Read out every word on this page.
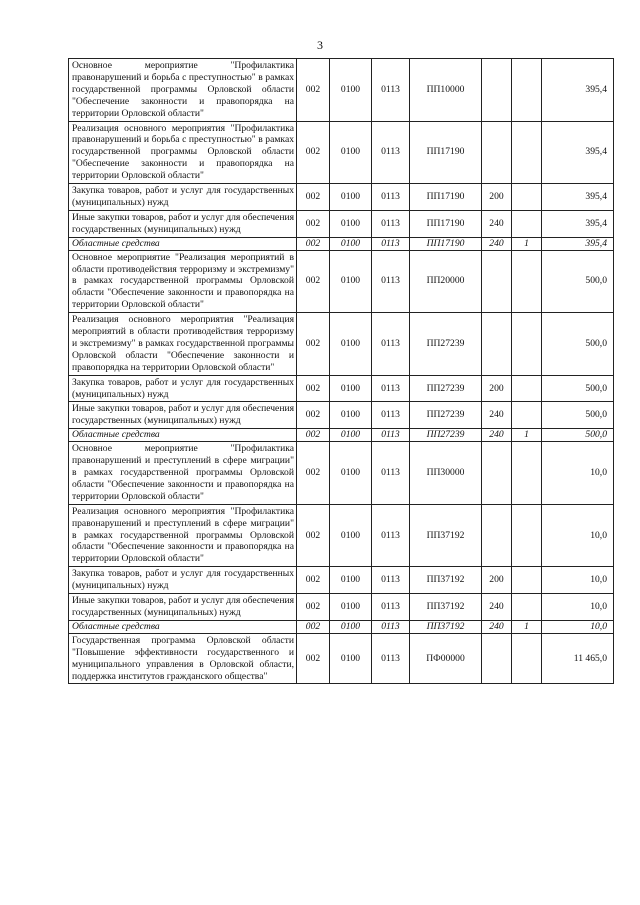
3
Основное мероприятие "Профилактика правонарушений и борьба с преступностью" в рамках государственной программы Орловской области "Обеспечение законности и правопорядка на территории Орловской области"	002	0100	0113	ПП10000			395,4
Реализация основного мероприятия "Профилактика правонарушений и борьба с преступностью" в рамках государственной программы Орловской области "Обеспечение законности и правопорядка на территории Орловской области"	002	0100	0113	ПП17190			395,4
Закупка товаров, работ и услуг для государственных (муниципальных) нужд	002	0100	0113	ПП17190	200		395,4
Иные закупки товаров, работ и услуг для обеспечения государственных (муниципальных) нужд	002	0100	0113	ПП17190	240		395,4
Областные средства	002	0100	0113	ПП17190	240	1	395,4
Основное мероприятие "Реализация мероприятий в области противодействия терроризму и экстремизму" в рамках государственной программы Орловской области "Обеспечение законности и правопорядка на территории Орловской области"	002	0100	0113	ПП20000			500,0
Реализация основного мероприятия "Реализация мероприятий в области противодействия терроризму и экстремизму" в рамках государственной программы Орловской области "Обеспечение законности и правопорядка на территории Орловской области"	002	0100	0113	ПП27239			500,0
Закупка товаров, работ и услуг для государственных (муниципальных) нужд	002	0100	0113	ПП27239	200		500,0
Иные закупки товаров, работ и услуг для обеспечения государственных (муниципальных) нужд	002	0100	0113	ПП27239	240		500,0
Областные средства	002	0100	0113	ПП27239	240	1	500,0
Основное мероприятие "Профилактика правонарушений и преступлений в сфере миграции" в рамках государственной программы Орловской области "Обеспечение законности и правопорядка на территории Орловской области"	002	0100	0113	ПП30000			10,0
Реализация основного мероприятия "Профилактика правонарушений и преступлений в сфере миграции" в рамках государственной программы Орловской области "Обеспечение законности и правопорядка на территории Орловской области"	002	0100	0113	ПП37192			10,0
Закупка товаров, работ и услуг для государственных (муниципальных) нужд	002	0100	0113	ПП37192	200		10,0
Иные закупки товаров, работ и услуг для обеспечения государственных (муниципальных) нужд	002	0100	0113	ПП37192	240		10,0
Областные средства	002	0100	0113	ПП37192	240	1	10,0
Государственная программа Орловской области "Повышение эффективности государственного и муниципального управления в Орловской области, поддержка институтов гражданского общества"	002	0100	0113	ПФ00000			11 465,0
